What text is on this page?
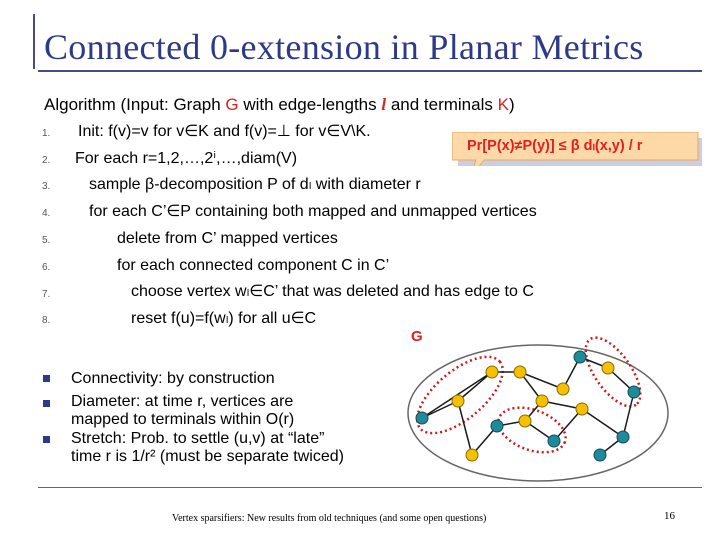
Connected 0-extension in Planar Metrics
Algorithm (Input: Graph G with edge-lengths l and terminals K)
1.
2.
3.
4.
5.
6.
7.
8.
Init: f(v)=v for v∈K and f(v)=⊥ for v∈V\K.
For each r=1,2,…,2ⁱ,…,diam(V)
sample β-decomposition P of dₗ with diameter r
for each C’∈P containing both mapped and unmapped vertices
delete from C’ mapped vertices
for each connected component C in C’
choose vertex wₗ∈C’ that was deleted and has edge to C
reset f(u)=f(wₗ) for all u∈C
Pr[P(x)≠P(y)] ≤ β dₗ(x,y) / r
G
Connectivity: by construction
Diameter: at time r, vertices are
mapped to terminals within O(r)
Stretch: Prob. to settle (u,v) at “late”
time r is 1/r² (must be separate twiced)
Vertex sparsifiers: New results from old techniques (and some open questions)	16
